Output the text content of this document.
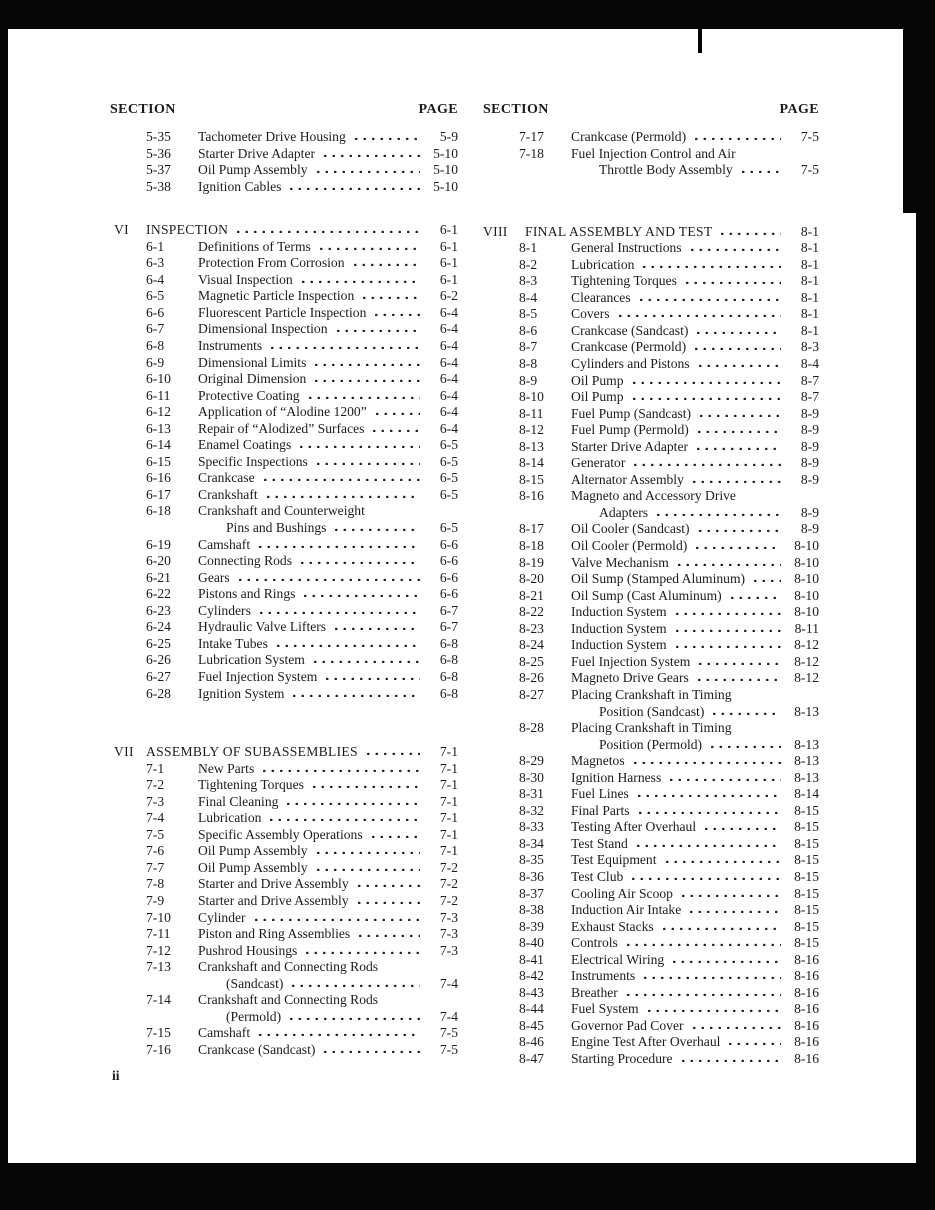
SECTION	PAGE
5-35	Tachometer Drive Housing	5-9
5-36	Starter Drive Adapter	5-10
5-37	Oil Pump Assembly	5-10
5-38	Ignition Cables	5-10
VI	INSPECTION	6-1
6-1	Definitions of Terms	6-1
6-3	Protection From Corrosion	6-1
6-4	Visual Inspection	6-1
6-5	Magnetic Particle Inspection	6-2
6-6	Fluorescent Particle Inspection	6-4
6-7	Dimensional Inspection	6-4
6-8	Instruments	6-4
6-9	Dimensional Limits	6-4
6-10	Original Dimension	6-4
6-11	Protective Coating	6-4
6-12	Application of “Alodine 1200”	6-4
6-13	Repair of “Alodized” Surfaces	6-4
6-14	Enamel Coatings	6-5
6-15	Specific Inspections	6-5
6-16	Crankcase	6-5
6-17	Crankshaft	6-5
6-18	Crankshaft and Counterweight
Pins and Bushings	6-5
6-19	Camshaft	6-6
6-20	Connecting Rods	6-6
6-21	Gears	6-6
6-22	Pistons and Rings	6-6
6-23	Cylinders	6-7
6-24	Hydraulic Valve Lifters	6-7
6-25	Intake Tubes	6-8
6-26	Lubrication System	6-8
6-27	Fuel Injection System	6-8
6-28	Ignition System	6-8
VII ASSEMBLY OF SUBASSEMBLIES	7-1
7-1	New Parts	7-1
7-2	Tightening Torques	7-1
7-3	Final Cleaning	7-1
7-4	Lubrication	7-1
7-5	Specific Assembly Operations	7-1
7-6	Oil Pump Assembly	7-1
7-7	Oil Pump Assembly	7-2
7-8	Starter and Drive Assembly	7-2
7-9	Starter and Drive Assembly	7-2
7-10	Cylinder	7-3
7-11	Piston and Ring Assemblies	7-3
7-12	Pushrod Housings	7-3
7-13	Crankshaft and Connecting Rods
(Sandcast)	7-4
7-14	Crankshaft and Connecting Rods
(Permold)	7-4
7-15	Camshaft	7-5
7-16	Crankcase (Sandcast)	7-5
SECTION	PAGE
7-17	Crankcase (Permold)	7-5
7-18	Fuel Injection Control and Air
Throttle Body Assembly	7-5
VIII	FINAL ASSEMBLY AND TEST	8-1
8-1	General Instructions	8-1
8-2	Lubrication	8-1
8-3	Tightening Torques	8-1
8-4	Clearances	8-1
8-5	Covers	8-1
8-6	Crankcase (Sandcast)	8-1
8-7	Crankcase (Permold)	8-3
8-8	Cylinders and Pistons	8-4
8-9	Oil Pump	8-7
8-10	Oil Pump	8-7
8-11	Fuel Pump (Sandcast)	8-9
8-12	Fuel Pump (Permold)	8-9
8-13	Starter Drive Adapter	8-9
8-14	Generator	8-9
8-15	Alternator Assembly	8-9
8-16	Magneto and Accessory Drive
Adapters	8-9
8-17	Oil Cooler (Sandcast)	8-9
8-18	Oil Cooler (Permold)	8-10
8-19	Valve Mechanism	8-10
8-20	Oil Sump (Stamped Aluminum)	8-10
8-21	Oil Sump (Cast Aluminum)	8-10
8-22	Induction System	8-10
8-23	Induction System	8-11
8-24	Induction System	8-12
8-25	Fuel Injection System	8-12
8-26	Magneto Drive Gears	8-12
8-27	Placing Crankshaft in Timing
Position (Sandcast)	8-13
8-28	Placing Crankshaft in Timing
Position (Permold)	8-13
8-29	Magnetos	8-13
8-30	Ignition Harness	8-13
8-31	Fuel Lines	8-14
8-32	Final Parts	8-15
8-33	Testing After Overhaul	8-15
8-34	Test Stand	8-15
8-35	Test Equipment	8-15
8-36	Test Club	8-15
8-37	Cooling Air Scoop	8-15
8-38	Induction Air Intake	8-15
8-39	Exhaust Stacks	8-15
8-40	Controls	8-15
8-41	Electrical Wiring	8-16
8-42	Instruments	8-16
8-43	Breather	8-16
8-44	Fuel System	8-16
8-45	Governor Pad Cover	8-16
8-46	Engine Test After Overhaul	8-16
8-47	Starting Procedure	8-16
ii
